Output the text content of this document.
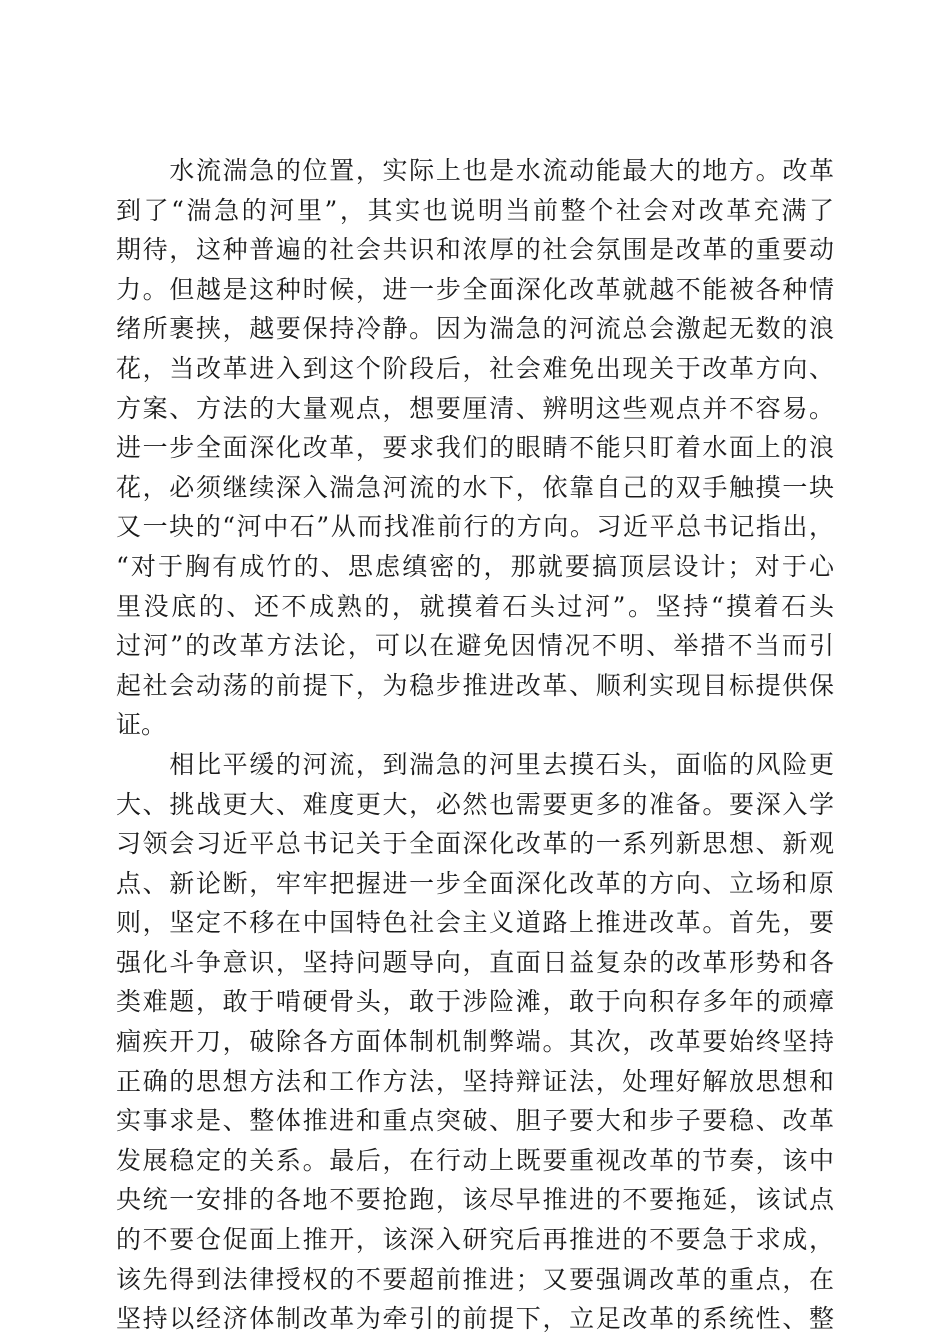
　　水流湍急的位置，实际上也是水流动能最大的地方。改革
到了“湍急的河里”，其实也说明当前整个社会对改革充满了
期待，这种普遍的社会共识和浓厚的社会氛围是改革的重要动
力。但越是这种时候，进一步全面深化改革就越不能被各种情
绪所裹挟，越要保持冷静。因为湍急的河流总会激起无数的浪
花，当改革进入到这个阶段后，社会难免出现关于改革方向、
方案、方法的大量观点，想要厘清、辨明这些观点并不容易。
进一步全面深化改革，要求我们的眼睛不能只盯着水面上的浪
花，必须继续深入湍急河流的水下，依靠自己的双手触摸一块
又一块的“河中石”从而找准前行的方向。习近平总书记指出，
“对于胸有成竹的、思虑缜密的，那就要搞顶层设计；对于心
里没底的、还不成熟的，就摸着石头过河”。坚持“摸着石头
过河”的改革方法论，可以在避免因情况不明、举措不当而引
起社会动荡的前提下，为稳步推进改革、顺利实现目标提供保
证。
　　相比平缓的河流，到湍急的河里去摸石头，面临的风险更
大、挑战更大、难度更大，必然也需要更多的准备。要深入学
习领会习近平总书记关于全面深化改革的一系列新思想、新观
点、新论断，牢牢把握进一步全面深化改革的方向、立场和原
则，坚定不移在中国特色社会主义道路上推进改革。首先，要
强化斗争意识，坚持问题导向，直面日益复杂的改革形势和各
类难题，敢于啃硬骨头，敢于涉险滩，敢于向积存多年的顽瘴
痼疾开刀，破除各方面体制机制弊端。其次，改革要始终坚持
正确的思想方法和工作方法，坚持辩证法，处理好解放思想和
实事求是、整体推进和重点突破、胆子要大和步子要稳、改革
发展稳定的关系。最后，在行动上既要重视改革的节奏，该中
央统一安排的各地不要抢跑，该尽早推进的不要拖延，该试点
的不要仓促面上推开，该深入研究后再推进的不要急于求成，
该先得到法律授权的不要超前推进；又要强调改革的重点，在
坚持以经济体制改革为牵引的前提下，立足改革的系统性、整
